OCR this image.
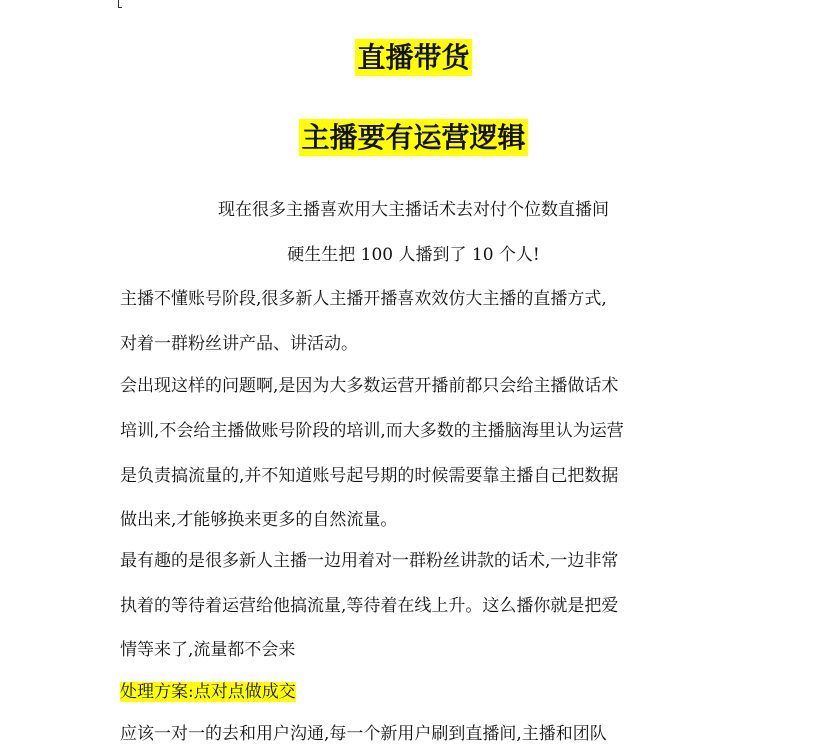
直播带货
主播要有运营逻辑
现在很多主播喜欢用大主播话术去对付个位数直播间
硬生生把 100 人播到了 10 个人!
主播不懂账号阶段,很多新人主播开播喜欢效仿大主播的直播方式,
对着一群粉丝讲产品、讲活动。
会出现这样的问题啊,是因为大多数运营开播前都只会给主播做话术
培训,不会给主播做账号阶段的培训,而大多数的主播脑海里认为运营
是负责搞流量的,并不知道账号起号期的时候需要靠主播自己把数据
做出来,才能够换来更多的自然流量。
最有趣的是很多新人主播一边用着对一群粉丝讲款的话术,一边非常
执着的等待着运营给他搞流量,等待着在线上升。这么播你就是把爱
情等来了,流量都不会来
处理方案:点对点做成交
应该一对一的去和用户沟通,每一个新用户刷到直播间,主播和团队
